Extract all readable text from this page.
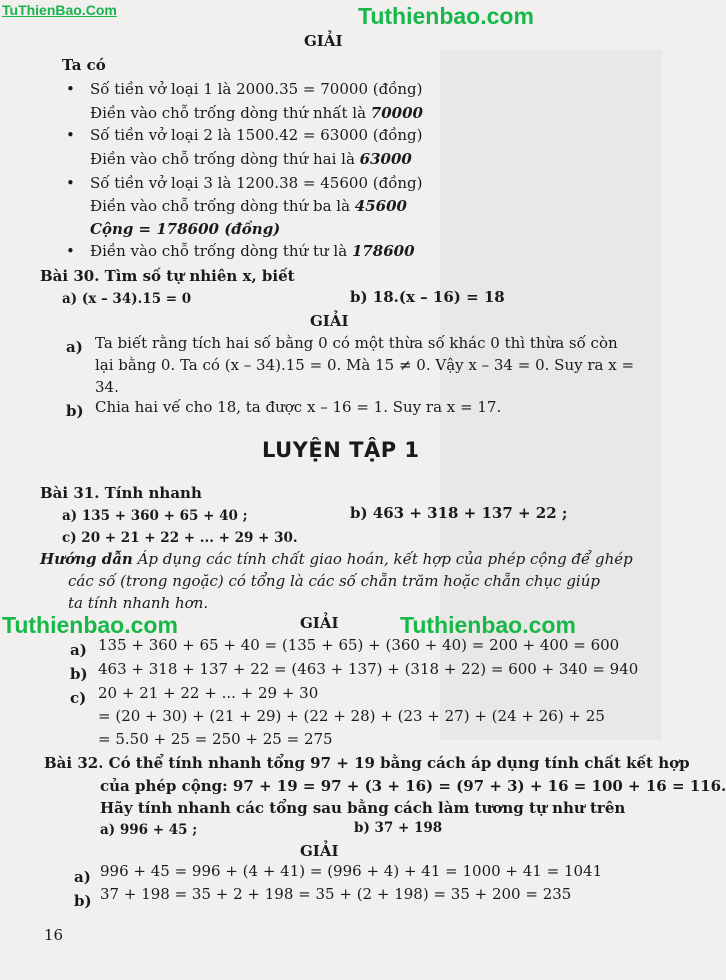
TuThienBao.Com	Tuthienbao.com
Tuthienbao.com	Tuthienbao.com
GIẢI
Ta có
• Số tiền vở loại 1 là 2000.35 = 70000 (đồng)
Điền vào chỗ trống dòng thứ nhất là 70000
• Số tiền vở loại 2 là 1500.42 = 63000 (đồng)
Điền vào chỗ trống dòng thứ hai là 63000
• Số tiền vở loại 3 là 1200.38 = 45600 (đồng)
Điền vào chỗ trống dòng thứ ba là 45600
Cộng = 178600 (đồng)
• Điền vào chỗ trống dòng thứ tư là 178600
Bài 30. Tìm số tự nhiên x, biết
a) (x – 34).15 = 0	b) 18.(x – 16) = 18
GIẢI
a) Ta biết rằng tích hai số bằng 0 có một thừa số khác 0 thì thừa số còn
lại bằng 0. Ta có (x – 34).15 = 0. Mà 15 ≠ 0. Vậy x – 34 = 0. Suy ra x =
34.
b) Chia hai vế cho 18, ta được x – 16 = 1. Suy ra x = 17.
LUYỆN TẬP 1
Bài 31. Tính nhanh
a) 135 + 360 + 65 + 40 ;	b) 463 + 318 + 137 + 22 ;
c) 20 + 21 + 22 + ... + 29 + 30.
Hướng dẫn Áp dụng các tính chất giao hoán, kết hợp của phép cộng để ghép
các số (trong ngoặc) có tổng là các số chẵn trăm hoặc chẵn chục giúp
ta tính nhanh hơn.
GIẢI
a) 135 + 360 + 65 + 40 = (135 + 65) + (360 + 40) = 200 + 400 = 600
b) 463 + 318 + 137 + 22 = (463 + 137) + (318 + 22) = 600 + 340 = 940
c) 20 + 21 + 22 + ... + 29 + 30
= (20 + 30) + (21 + 29) + (22 + 28) + (23 + 27) + (24 + 26) + 25
= 5.50 + 25 = 250 + 25 = 275
Bài 32. Có thể tính nhanh tổng 97 + 19 bằng cách áp dụng tính chất kết hợp
của phép cộng: 97 + 19 = 97 + (3 + 16) = (97 + 3) + 16 = 100 + 16 = 116.
Hãy tính nhanh các tổng sau bằng cách làm tương tự như trên
a) 996 + 45 ;	b) 37 + 198
GIẢI
a) 996 + 45 = 996 + (4 + 41) = (996 + 4) + 41 = 1000 + 41 = 1041
b) 37 + 198 = 35 + 2 + 198 = 35 + (2 + 198) = 35 + 200 = 235
16
